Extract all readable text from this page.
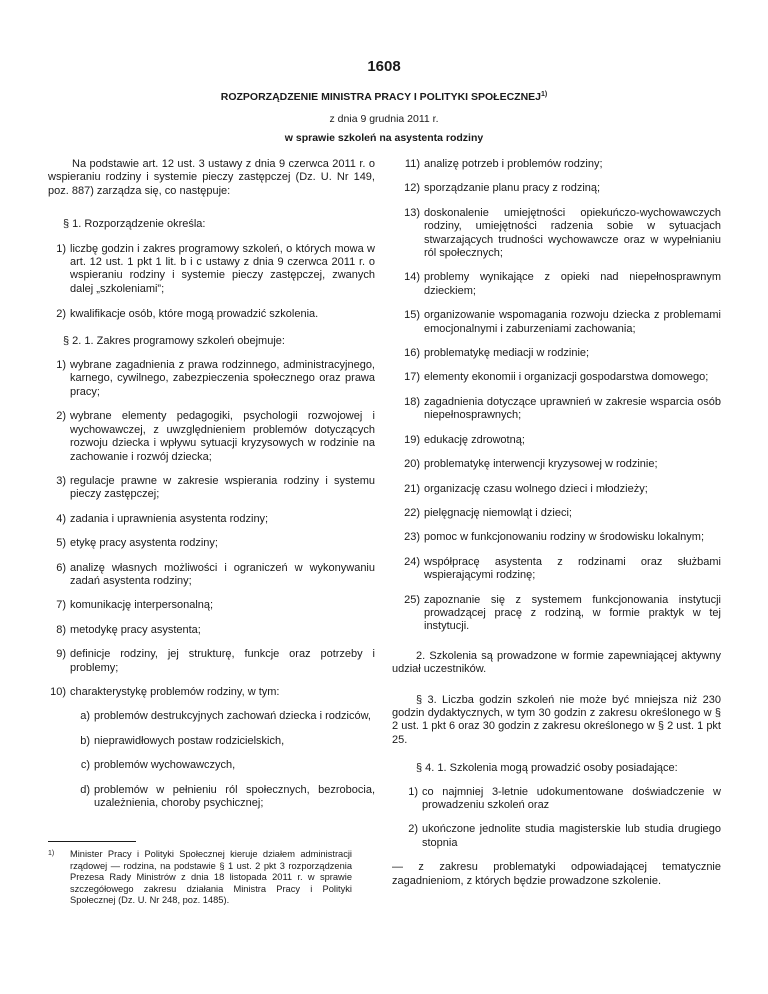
1608
ROZPORZĄDZENIE MINISTRA PRACY I POLITYKI SPOŁECZNEJ$^{1)}$
z dnia 9 grudnia 2011 r.
w sprawie szkoleń na asystenta rodziny

Na podstawie art. 12 ust. 3 ustawy z dnia 9 czerwca 2011 r. o wspieraniu rodziny i systemie pieczy zastępczej (Dz. U. Nr 149, poz. 887) zarządza się, co następuje:

§ 1. Rozporządzenie określa:

1) liczbę godzin i zakres programowy szkoleń, o których mowa w art. 12 ust. 1 pkt 1 lit. b i c ustawy z dnia 9 czerwca 2011 r. o wspieraniu rodziny i systemie pieczy zastępczej, zwanych dalej „szkoleniami”;
2) kwalifikacje osób, które mogą prowadzić szkolenia.

§ 2. 1. Zakres programowy szkoleń obejmuje:

1) wybrane zagadnienia z prawa rodzinnego, administracyjnego, karnego, cywilnego, zabezpieczenia społecznego oraz prawa pracy;
2) wybrane elementy pedagogiki, psychologii rozwojowej i wychowawczej, z uwzględnieniem problemów dotyczących rozwoju dziecka i wpływu sytuacji kryzysowych w rodzinie na zachowanie i rozwój dziecka;
3) regulacje prawne w zakresie wspierania rodziny i systemu pieczy zastępczej;
4) zadania i uprawnienia asystenta rodziny;
5) etykę pracy asystenta rodziny;
6) analizę własnych możliwości i ograniczeń w wykonywaniu zadań asystenta rodziny;
7) komunikację interpersonalną;
8) metodykę pracy asystenta;
9) definicje rodziny, jej strukturę, funkcje oraz potrzeby i problemy;
10) charakterystykę problemów rodziny, w tym:
a) problemów destrukcyjnych zachowań dziecka i rodziców,
b) nieprawidłowych postaw rodzicielskich,
c) problemów wychowawczych,
d) problemów w pełnieniu ról społecznych, bezrobocia, uzależnienia, choroby psychicznej;
11) analizę potrzeb i problemów rodziny;
12) sporządzanie planu pracy z rodziną;
13) doskonalenie umiejętności opiekuńczo-wychowawczych rodziny, umiejętności radzenia sobie w sytuacjach stwarzających trudności wychowawcze oraz w wypełnianiu ról społecznych;
14) problemy wynikające z opieki nad niepełnosprawnym dzieckiem;
15) organizowanie wspomagania rozwoju dziecka z problemami emocjonalnymi i zaburzeniami zachowania;
16) problematykę mediacji w rodzinie;
17) elementy ekonomii i organizacji gospodarstwa domowego;
18) zagadnienia dotyczące uprawnień w zakresie wsparcia osób niepełnosprawnych;
19) edukację zdrowotną;
20) problematykę interwencji kryzysowej w rodzinie;
21) organizację czasu wolnego dzieci i młodzieży;
22) pielęgnację niemowląt i dzieci;
23) pomoc w funkcjonowaniu rodziny w środowisku lokalnym;
24) współpracę asystenta z rodzinami oraz służbami wspierającymi rodzinę;
25) zapoznanie się z systemem funkcjonowania instytucji prowadzącej pracę z rodziną, w formie praktyk w tej instytucji.

2. Szkolenia są prowadzone w formie zapewniającej aktywny udział uczestników.

§ 3. Liczba godzin szkoleń nie może być mniejsza niż 230 godzin dydaktycznych, w tym 30 godzin z zakresu określonego w § 2 ust. 1 pkt 6 oraz 30 godzin z zakresu określonego w § 2 ust. 1 pkt 25.

§ 4. 1. Szkolenia mogą prowadzić osoby posiadające:

1) co najmniej 3-letnie udokumentowane doświadczenie w prowadzeniu szkoleń oraz
2) ukończone jednolite studia magisterskie lub studia drugiego stopnia

— z zakresu problematyki odpowiadającej tematycznie zagadnieniom, z których będzie prowadzone szkolenie.

1)	Minister Pracy i Polityki Społecznej kieruje działem administracji rządowej — rodzina, na podstawie § 1 ust. 2 pkt 3 rozporządzenia Prezesa Rady Ministrów z dnia 18 listopada 2011 r. w sprawie szczegółowego zakresu działania Ministra Pracy i Polityki Społecznej (Dz. U. Nr 248, poz. 1485).
